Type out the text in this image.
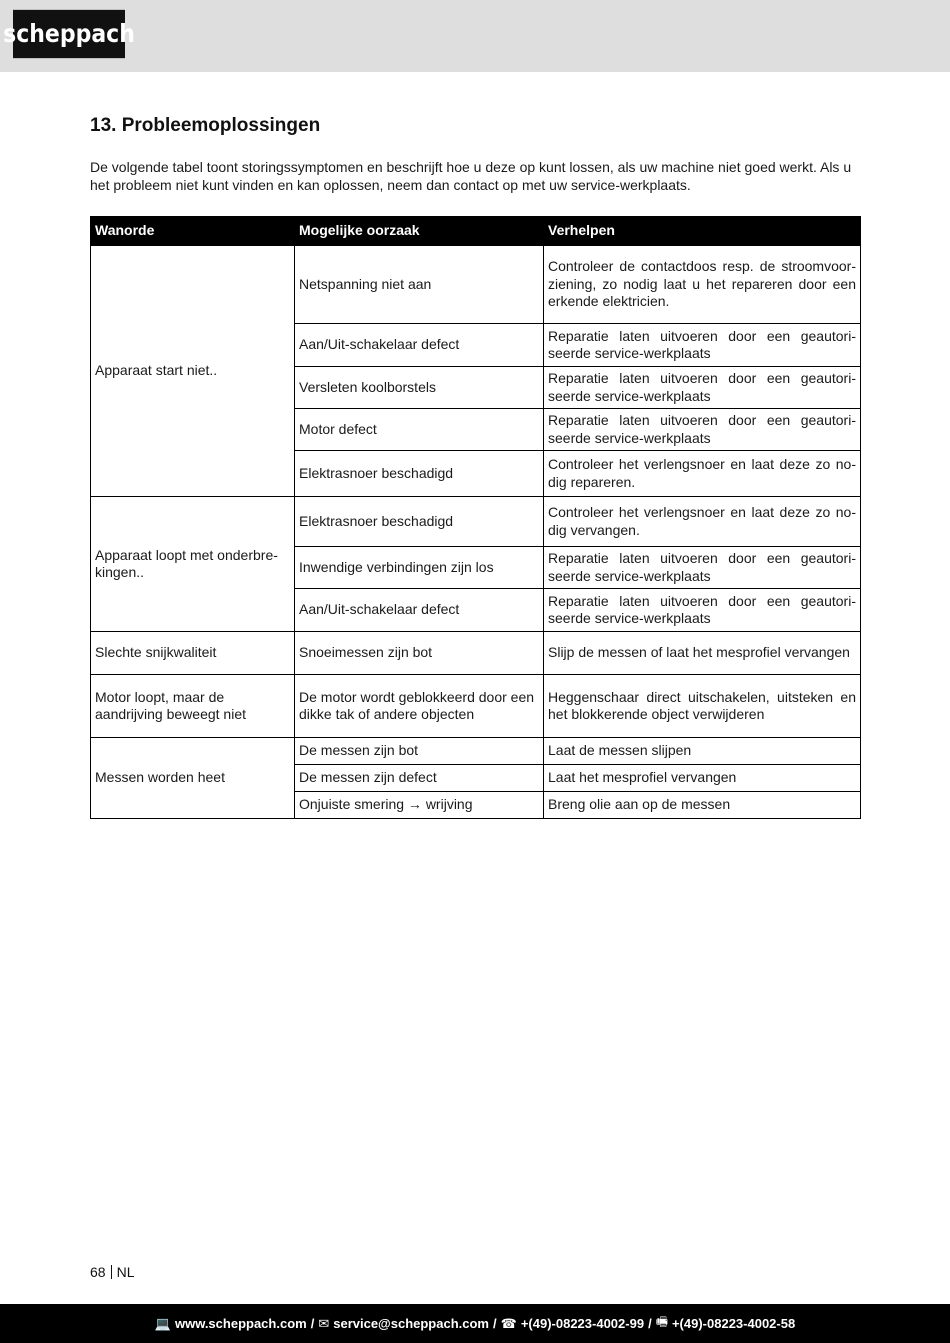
scheppach
13. Probleemoplossingen

De volgende tabel toont storingssymptomen en beschrijft hoe u deze op kunt lossen, als uw machine niet goed werkt. Als u het probleem niet kunt vinden en kan oplossen, neem dan contact op met uw service-werkplaats.

Wanorde	Mogelijke oorzaak	Verhelpen
Apparaat start niet..	Netspanning niet aan	Controleer de contactdoos resp. de stroomvoor-ziening, zo nodig laat u het repareren door een erkende elektricien.
	Aan/Uit-schakelaar defect	Reparatie laten uitvoeren door een geautori-seerde service-werkplaats
	Versleten koolborstels	Reparatie laten uitvoeren door een geautori-seerde service-werkplaats
	Motor defect	Reparatie laten uitvoeren door een geautori-seerde service-werkplaats
	Elektrasnoer beschadigd	Controleer het verlengsnoer en laat deze zo no-dig repareren.
Apparaat loopt met onderbre-kingen..	Elektrasnoer beschadigd	Controleer het verlengsnoer en laat deze zo no-dig vervangen.
	Inwendige verbindingen zijn los	Reparatie laten uitvoeren door een geautori-seerde service-werkplaats
	Aan/Uit-schakelaar defect	Reparatie laten uitvoeren door een geautori-seerde service-werkplaats
Slechte snijkwaliteit	Snoeimessen zijn bot	Slijp de messen of laat het mesprofiel vervangen
Motor loopt, maar de aandrijving beweegt niet	De motor wordt geblokkeerd door een dikke tak of andere objecten	Heggenschaar direct uitschakelen, uitsteken en het blokkerende object verwijderen
Messen worden heet	De messen zijn bot	Laat de messen slijpen
	De messen zijn defect	Laat het mesprofiel vervangen
	Onjuiste smering → wrijving	Breng olie aan op de messen
68 NL
💻 www.scheppach.com / ✉ service@scheppach.com / ☎ +(49)-08223-4002-99 / 🖷 +(49)-08223-4002-58
